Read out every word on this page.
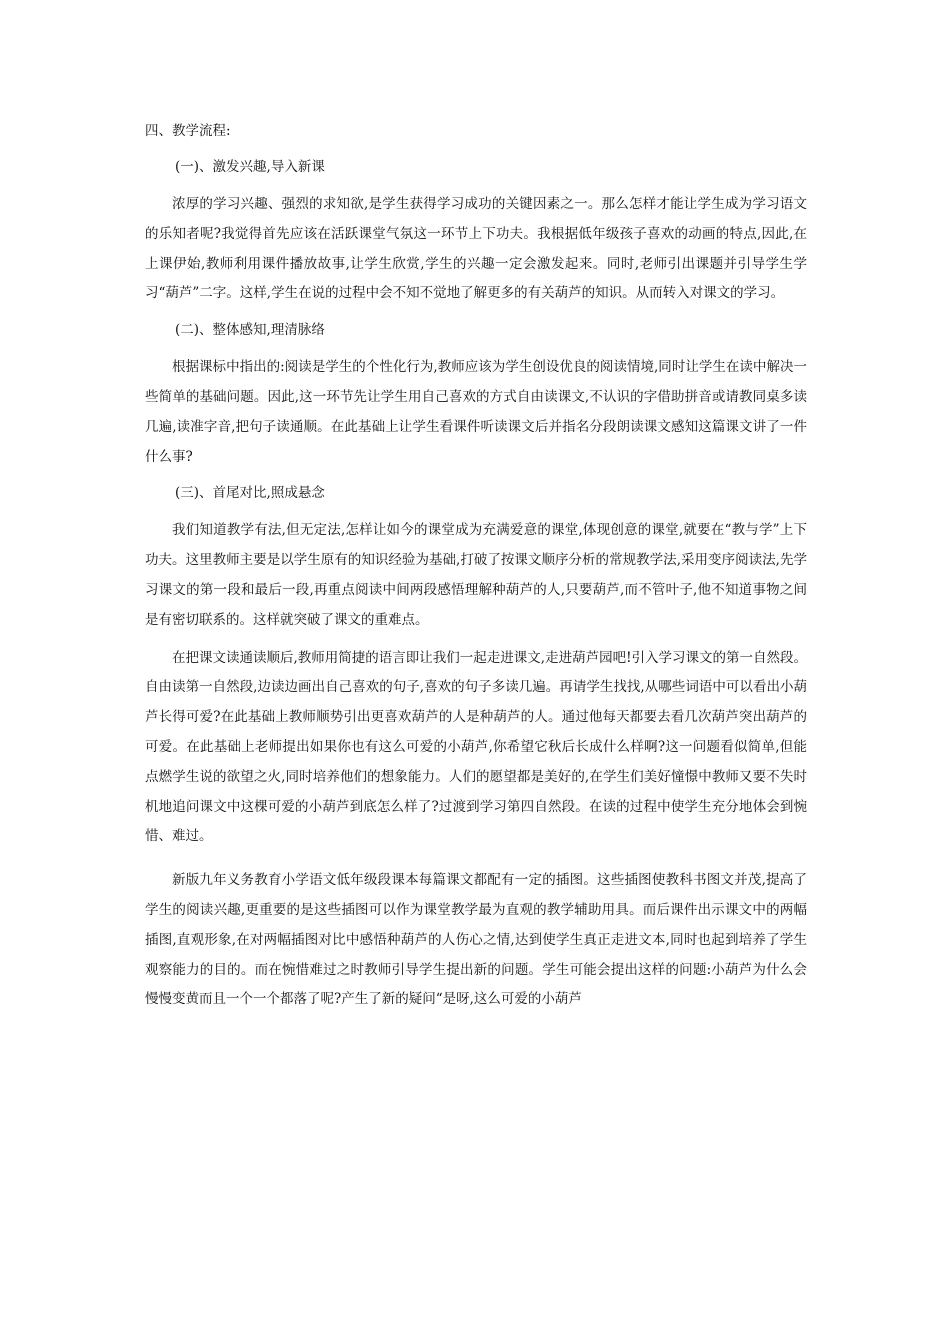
四、教学流程:
(一)、激发兴趣,导入新课

浓厚的学习兴趣、强烈的求知欲,是学生获得学习成功的关键因素之一。那么怎样才能让学生成为学习语文的乐知者呢?我觉得首先应该在活跃课堂气氛这一环节上下功夫。我根据低年级孩子喜欢的动画的特点,因此,在上课伊始,教师利用课件播放故事,让学生欣赏,学生的兴趣一定会激发起来。同时,老师引出课题并引导学生学习“葫芦”二字。这样,学生在说的过程中会不知不觉地了解更多的有关葫芦的知识。从而转入对课文的学习。

(二)、整体感知,理清脉络

根据课标中指出的:阅读是学生的个性化行为,教师应该为学生创设优良的阅读情境,同时让学生在读中解决一些简单的基础问题。因此,这一环节先让学生用自己喜欢的方式自由读课文,不认识的字借助拼音或请教同桌多读几遍,读准字音,把句子读通顺。在此基础上让学生看课件听读课文后并指名分段朗读课文感知这篇课文讲了一件什么事?

(三)、首尾对比,照成悬念

我们知道教学有法,但无定法,怎样让如今的课堂成为充满爱意的课堂,体现创意的课堂,就要在“教与学”上下功夫。这里教师主要是以学生原有的知识经验为基础,打破了按课文顺序分析的常规教学法,采用变序阅读法,先学习课文的第一段和最后一段,再重点阅读中间两段感悟理解种葫芦的人,只要葫芦,而不管叶子,他不知道事物之间是有密切联系的。这样就突破了课文的重难点。

在把课文读通读顺后,教师用简捷的语言即让我们一起走进课文,走进葫芦园吧!引入学习课文的第一自然段。自由读第一自然段,边读边画出自己喜欢的句子,喜欢的句子多读几遍。再请学生找找,从哪些词语中可以看出小葫芦长得可爱?在此基础上教师顺势引出更喜欢葫芦的人是种葫芦的人。通过他每天都要去看几次葫芦突出葫芦的可爱。在此基础上老师提出如果你也有这么可爱的小葫芦,你希望它秋后长成什么样啊?这一问题看似简单,但能点燃学生说的欲望之火,同时培养他们的想象能力。人们的愿望都是美好的,在学生们美好憧憬中教师又要不失时机地追问课文中这棵可爱的小葫芦到底怎么样了?过渡到学习第四自然段。在读的过程中使学生充分地体会到惋惜、难过。

新版九年义务教育小学语文低年级段课本每篇课文都配有一定的插图。这些插图使教科书图文并茂,提高了学生的阅读兴趣,更重要的是这些插图可以作为课堂教学最为直观的教学辅助用具。而后课件出示课文中的两幅插图,直观形象,在对两幅插图对比中感悟种葫芦的人伤心之情,达到使学生真正走进文本,同时也起到培养了学生观察能力的目的。而在惋惜难过之时教师引导学生提出新的问题。学生可能会提出这样的问题:小葫芦为什么会慢慢变黄而且一个一个都落了呢?产生了新的疑问“是呀,这么可爱的小葫芦
